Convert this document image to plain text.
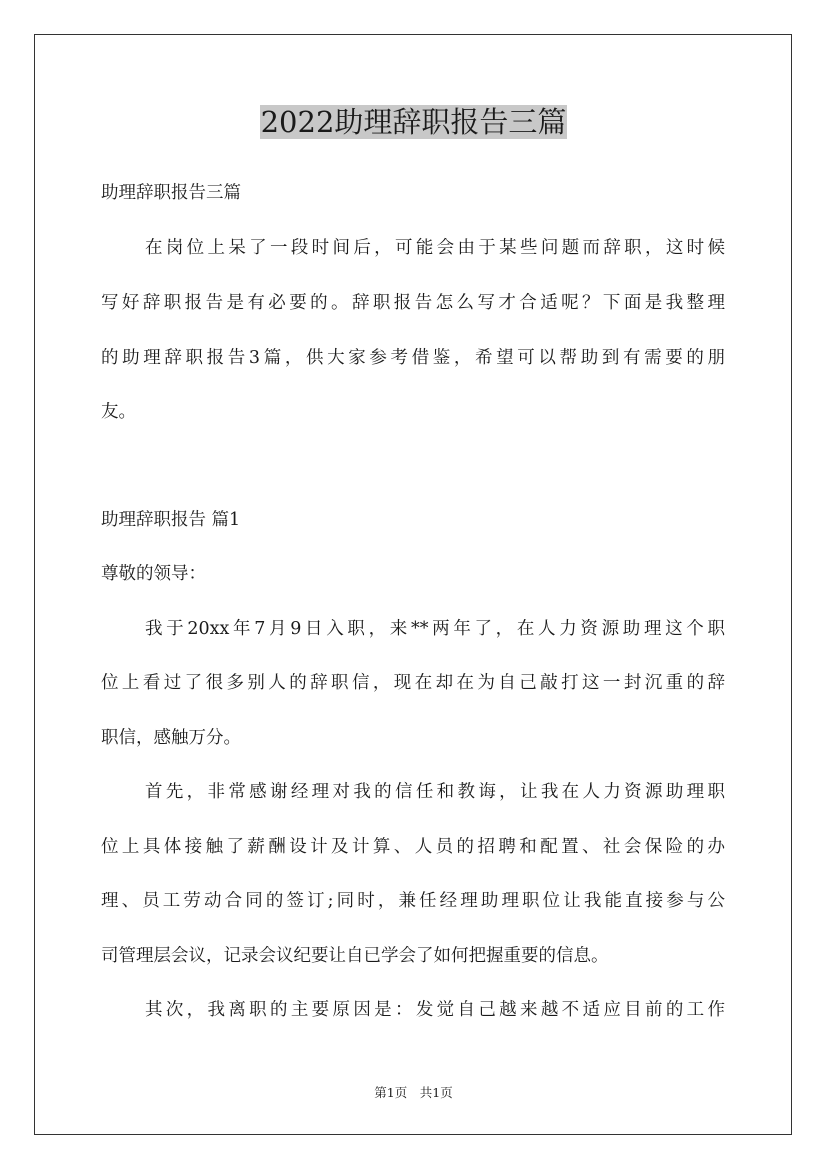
2022助理辞职报告三篇

助理辞职报告三篇

在岗位上呆了一段时间后，可能会由于某些问题而辞职，这时候

写好辞职报告是有必要的。辞职报告怎么写才合适呢？下面是我整理

的助理辞职报告3篇，供大家参考借鉴，希望可以帮助到有需要的朋

友。

助理辞职报告 篇1

尊敬的领导：

我于20xx年7月9日入职，来**两年了，在人力资源助理这个职

位上看过了很多别人的辞职信，现在却在为自己敲打这一封沉重的辞

职信，感触万分。

首先，非常感谢经理对我的信任和教诲，让我在人力资源助理职

位上具体接触了薪酬设计及计算、人员的招聘和配置、社会保险的办

理、员工劳动合同的签订;同时，兼任经理助理职位让我能直接参与公

司管理层会议，记录会议纪要让自已学会了如何把握重要的信息。

其次，我离职的主要原因是：发觉自己越来越不适应目前的工作

第1页　共1页
